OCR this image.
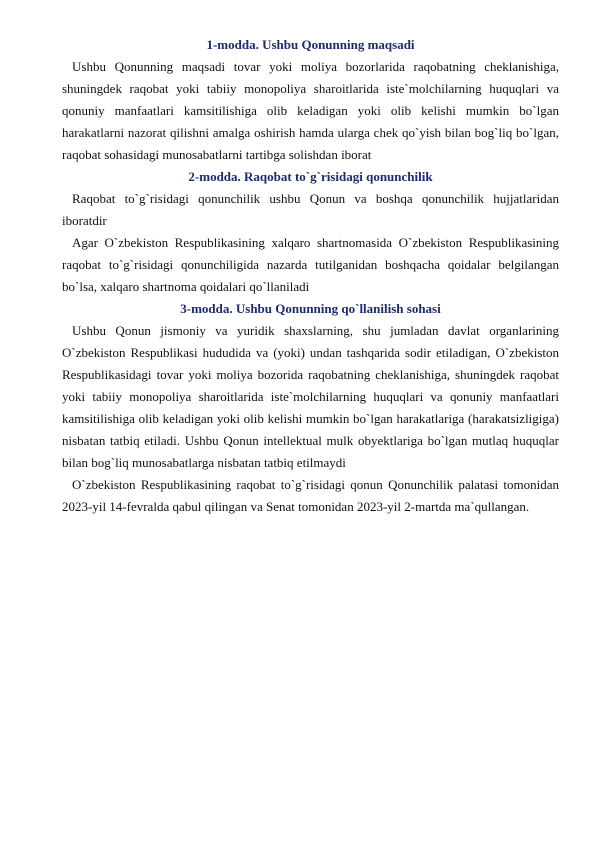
1-modda. Ushbu Qonunning maqsadi

Ushbu Qonunning maqsadi tovar yoki moliya bozorlarida raqobatning cheklanishiga, shuningdek raqobat yoki tabiiy monopoliya sharoitlarida iste`molchilarning huquqlari va qonuniy manfaatlari kamsitilishiga olib keladigan yoki olib kelishi mumkin bo`lgan harakatlarni nazorat qilishni amalga oshirish hamda ularga chek qo`yish bilan bog`liq bo`lgan, raqobat sohasidagi munosabatlarni tartibga solishdan iborat

2-modda. Raqobat to`g`risidagi qonunchilik

Raqobat to`g`risidagi qonunchilik ushbu Qonun va boshqa qonunchilik hujjatlaridan iboratdir

Agar O`zbekiston Respublikasining xalqaro shartnomasida O`zbekiston Respublikasining raqobat to`g`risidagi qonunchiligida nazarda tutilganidan boshqacha qoidalar belgilangan bo`lsa, xalqaro shartnoma qoidalari qo`llaniladi

3-modda. Ushbu Qonunning qo`llanilish sohasi

Ushbu Qonun jismoniy va yuridik shaxslarning, shu jumladan davlat organlarining O`zbekiston Respublikasi hududida va (yoki) undan tashqarida sodir etiladigan, O`zbekiston Respublikasidagi tovar yoki moliya bozorida raqobatning cheklanishiga, shuningdek raqobat yoki tabiiy monopoliya sharoitlarida iste`molchilarning huquqlari va qonuniy manfaatlari kamsitilishiga olib keladigan yoki olib kelishi mumkin bo`lgan harakatlariga (harakatsizligiga) nisbatan tatbiq etiladi. Ushbu Qonun intellektual mulk obyektlariga bo`lgan mutlaq huquqlar bilan bog`liq munosabatlarga nisbatan tatbiq etilmaydi

O`zbekiston Respublikasining raqobat to`g`risidagi qonun Qonunchilik palatasi tomonidan 2023-yil 14-fevralda qabul qilingan va Senat tomonidan 2023-yil 2-martda ma`qullangan.
